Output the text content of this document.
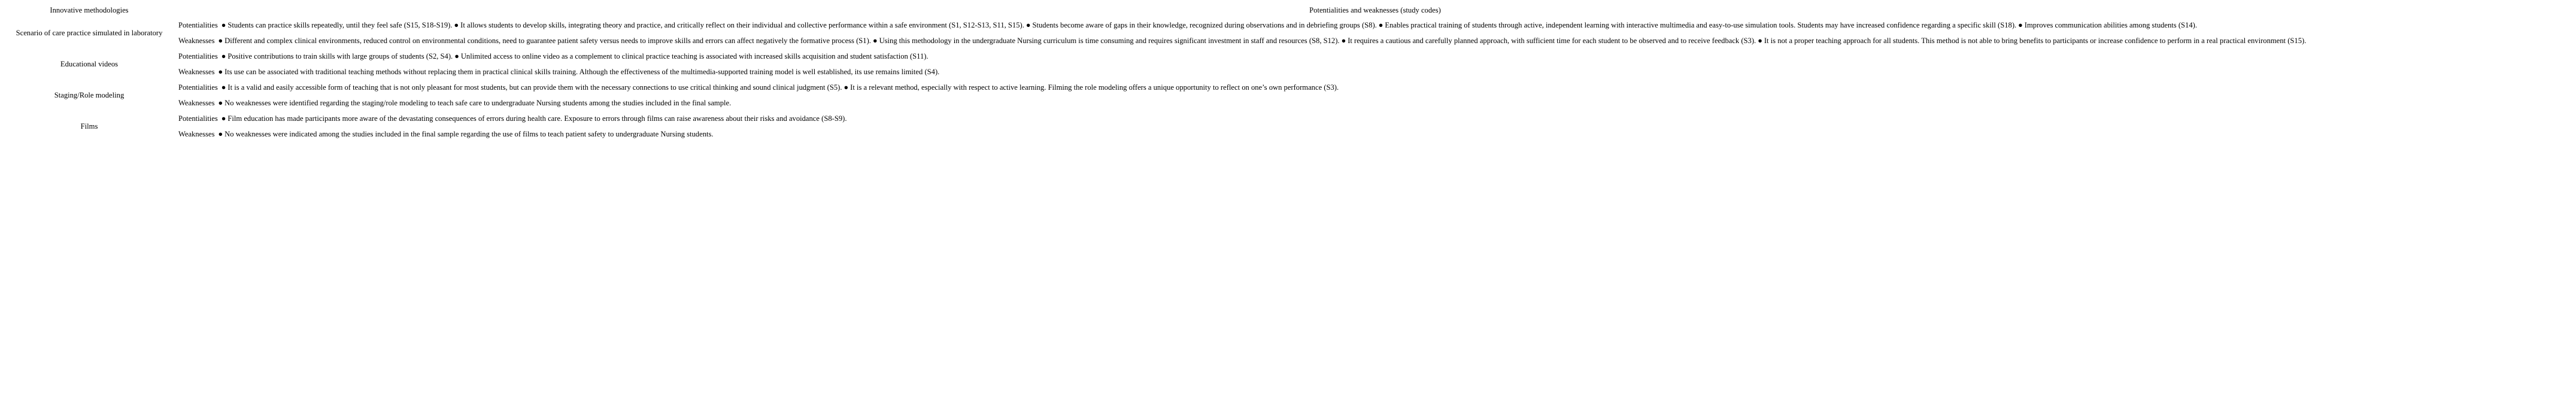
Innovative methodologies	Potentialities and weaknesses (study codes)
Scenario of care practice simulated in laboratory	Potentialities ● Students can practice skills repeatedly, until they feel safe (S15, S18-S19). ● It allows students to develop skills, integrating theory and practice, and critically reflect on their individual and collective performance within a safe environment (S1, S12-S13, S11, S15). ● Students become aware of gaps in their knowledge, recognized during observations and in debriefing groups (S8). ● Enables practical training of students through active, independent learning with interactive multimedia and easy-to-use simulation tools. Students may have increased confidence regarding a specific skill (S18). ● Improves communication abilities among students (S14).
	Weaknesses ● Different and complex clinical environments, reduced control on environmental conditions, need to guarantee patient safety versus needs to improve skills and errors can affect negatively the formative process (S1). ● Using this methodology in the undergraduate Nursing curriculum is time consuming and requires significant investment in staff and resources (S8, S12). ● It requires a cautious and carefully planned approach, with sufficient time for each student to be observed and to receive feedback (S3). ● It is not a proper teaching approach for all students. This method is not able to bring benefits to participants or increase confidence to perform in a real practical environment (S15).
Educational videos	Potentialities ● Positive contributions to train skills with large groups of students (S2, S4). ● Unlimited access to online video as a complement to clinical practice teaching is associated with increased skills acquisition and student satisfaction (S11).
	Weaknesses ● Its use can be associated with traditional teaching methods without replacing them in practical clinical skills training. Although the effectiveness of the multimedia-supported training model is well established, its use remains limited (S4).
Staging/Role modeling	Potentialities ● It is a valid and easily accessible form of teaching that is not only pleasant for most students, but can provide them with the necessary connections to use critical thinking and sound clinical judgment (S5). ● It is a relevant method, especially with respect to active learning. Filming the role modeling offers a unique opportunity to reflect on one’s own performance (S3).
	Weaknesses ● No weaknesses were identified regarding the staging/role modeling to teach safe care to undergraduate Nursing students among the studies included in the final sample.
Films	Potentialities ● Film education has made participants more aware of the devastating consequences of errors during health care. Exposure to errors through films can raise awareness about their risks and avoidance (S8-S9).
	Weaknesses ● No weaknesses were indicated among the studies included in the final sample regarding the use of films to teach patient safety to undergraduate Nursing students.
